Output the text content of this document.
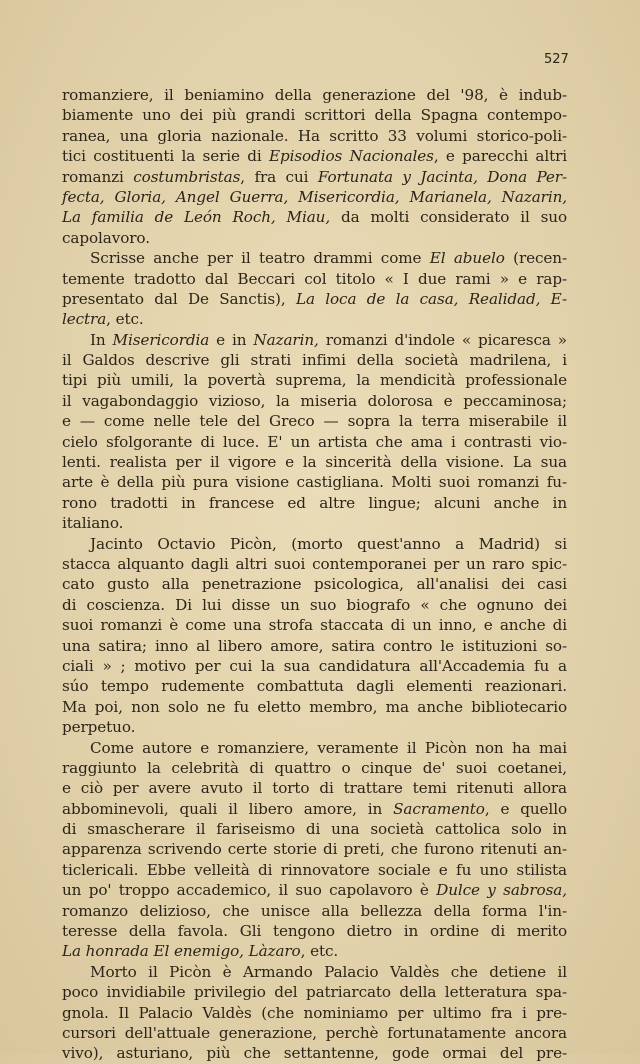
527
romanziere, il beniamino della generazione del '98, è indub-
biamente uno dei più grandi scrittori della Spagna contempo-
ranea, una gloria nazionale. Ha scritto 33 volumi storico-poli-
tici costituenti la serie di Episodios Nacionales, e parecchi altri
romanzi costumbristas, fra cui Fortunata y Jacinta, Dona Per-
fecta, Gloria, Angel Guerra, Misericordia, Marianela, Nazarin,
La familia de León Roch, Miau, da molti considerato il suo
capolavoro.
Scrisse anche per il teatro drammi come El abuelo (recen-
temente tradotto dal Beccari col titolo « I due rami » e rap-
presentato dal De Sanctis), La loca de la casa, Realidad, E-
lectra, etc.
In Misericordia e in Nazarin, romanzi d'indole « picaresca »
il Galdos descrive gli strati infimi della società madrilena, i
tipi più umili, la povertà suprema, la mendicità professionale
il vagabondaggio vizioso, la miseria dolorosa e peccaminosa;
e — come nelle tele del Greco — sopra la terra miserabile il
cielo sfolgorante di luce. E' un artista che ama i contrasti vio-
lenti. realista per il vigore e la sincerità della visione. La sua
arte è della più pura visione castigliana. Molti suoi romanzi fu-
rono tradotti in francese ed altre lingue; alcuni anche in
italiano.
Jacinto Octavio Picòn, (morto quest'anno a Madrid) si
stacca alquanto dagli altri suoi contemporanei per un raro spic-
cato gusto alla penetrazione psicologica, all'analisi dei casi
di coscienza. Di lui disse un suo biografo « che ognuno dei
suoi romanzi è come una strofa staccata di un inno, e anche di
una satira; inno al libero amore, satira contro le istituzioni so-
ciali » ; motivo per cui la sua candidatura all'Accademia fu a
súo tempo rudemente combattuta dagli elementi reazionari.
Ma poi, non solo ne fu eletto membro, ma anche bibliotecario
perpetuo.
Come autore e romanziere, veramente il Picòn non ha mai
raggiunto la celebrità di quattro o cinque de' suoi coetanei,
e ciò per avere avuto il torto di trattare temi ritenuti allora
abbominevoli, quali il libero amore, in Sacramento, e quello
di smascherare il fariseismo di una società cattolica solo in
apparenza scrivendo certe storie di preti, che furono ritenuti an-
ticlericali. Ebbe velleità di rinnovatore sociale e fu uno stilista
un po' troppo accademico, il suo capolavoro è Dulce y sabrosa,
romanzo delizioso, che unisce alla bellezza della forma l'in-
teresse della favola. Gli tengono dietro in ordine di merito
La honrada El enemigo, Làzaro, etc.
Morto il Picòn è Armando Palacio Valdès che detiene il
poco invidiabile privilegio del patriarcato della letteratura spa-
gnola. Il Palacio Valdès (che nominiamo per ultimo fra i pre-
cursori dell'attuale generazione, perchè fortunatamente ancora
vivo), asturiano, più che settantenne, gode ormai del pre-
